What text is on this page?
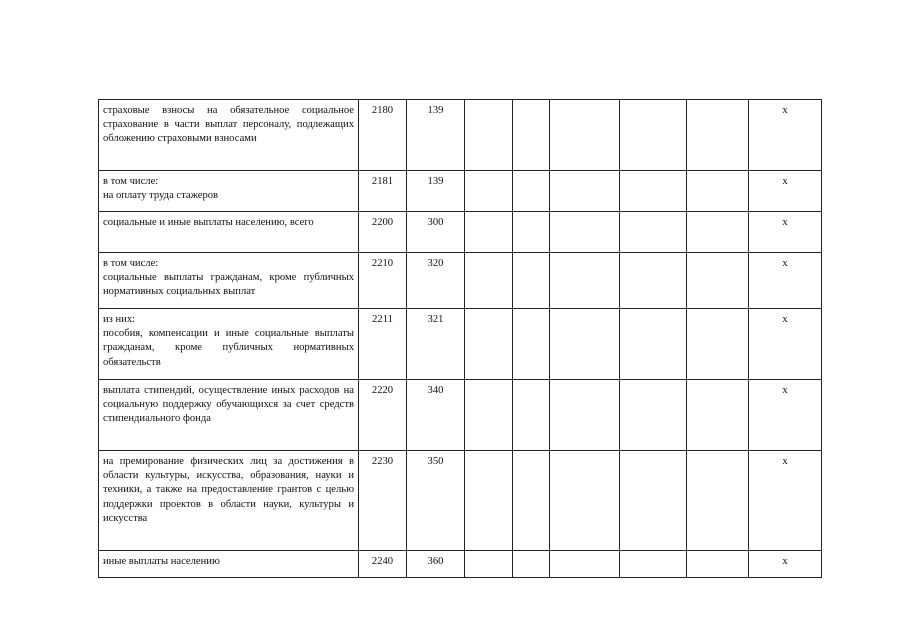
страховые взносы на обязательное социальное страхование в части выплат персоналу, подлежащих обложению страховыми взносами	2180	139						х
в том числе:
на оплату труда стажеров	2181	139						х
социальные и иные выплаты населению, всего	2200	300						х
в том числе:
социальные выплаты гражданам, кроме публичных нормативных социальных выплат	2210	320						х
из них:
пособия, компенсации и иные социальные выплаты гражданам, кроме публичных нормативных обязательств	2211	321						х
выплата стипендий, осуществление иных расходов на социальную поддержку обучающихся за счет средств стипендиального фонда	2220	340						х
на премирование физических лиц за достижения в области культуры, искусства, образования, науки и техники, а также на предоставление грантов с целью поддержки проектов в области науки, культуры и искусства	2230	350						х
иные выплаты населению	2240	360						х
